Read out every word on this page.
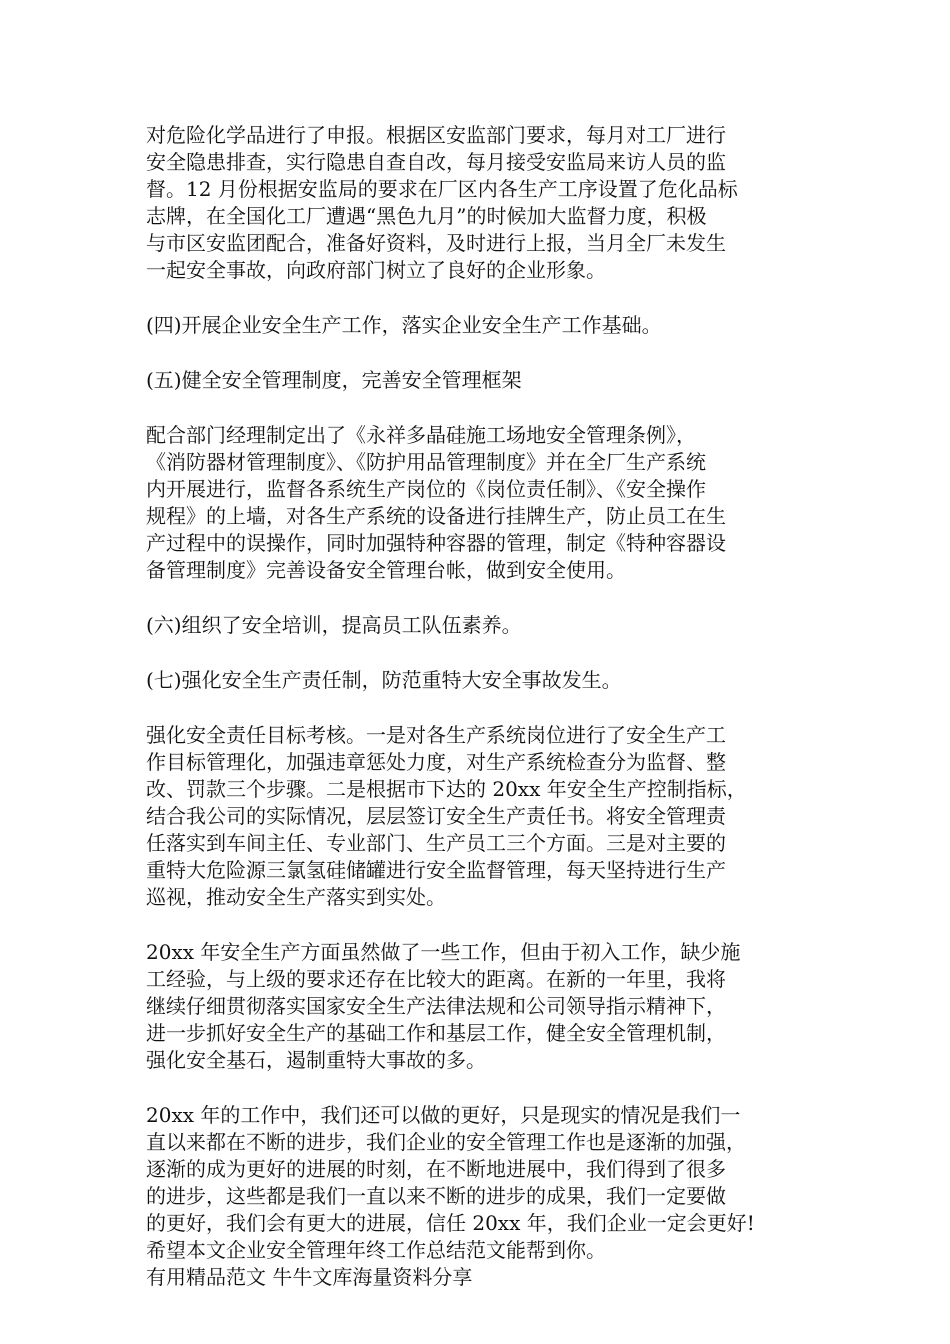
对危险化学品进行了申报。根据区安监部门要求，每月对工厂进行
安全隐患排查，实行隐患自查自改，每月接受安监局来访人员的监
督。12 月份根据安监局的要求在厂区内各生产工序设置了危化品标
志牌，在全国化工厂遭遇“黑色九月”的时候加大监督力度，积极
与市区安监团配合，准备好资料，及时进行上报，当月全厂未发生
一起安全事故，向政府部门树立了良好的企业形象。

(四)开展企业安全生产工作，落实企业安全生产工作基础。

(五)健全安全管理制度，完善安全管理框架

配合部门经理制定出了《永祥多晶硅施工场地安全管理条例》，
《消防器材管理制度》、《防护用品管理制度》并在全厂生产系统
内开展进行，监督各系统生产岗位的《岗位责任制》、《安全操作
规程》的上墙，对各生产系统的设备进行挂牌生产，防止员工在生
产过程中的误操作，同时加强特种容器的管理，制定《特种容器设
备管理制度》完善设备安全管理台帐，做到安全使用。

(六)组织了安全培训，提高员工队伍素养。

(七)强化安全生产责任制，防范重特大安全事故发生。

强化安全责任目标考核。一是对各生产系统岗位进行了安全生产工
作目标管理化，加强违章惩处力度，对生产系统检查分为监督、整
改、罚款三个步骤。二是根据市下达的 20xx 年安全生产控制指标，
结合我公司的实际情况，层层签订安全生产责任书。将安全管理责
任落实到车间主任、专业部门、生产员工三个方面。三是对主要的
重特大危险源三氯氢硅储罐进行安全监督管理，每天坚持进行生产
巡视，推动安全生产落实到实处。

20xx 年安全生产方面虽然做了一些工作，但由于初入工作，缺少施
工经验，与上级的要求还存在比较大的距离。在新的一年里，我将
继续仔细贯彻落实国家安全生产法律法规和公司领导指示精神下，
进一步抓好安全生产的基础工作和基层工作，健全安全管理机制，
强化安全基石，遏制重特大事故的多。

20xx 年的工作中，我们还可以做的更好，只是现实的情况是我们一
直以来都在不断的进步，我们企业的安全管理工作也是逐渐的加强，
逐渐的成为更好的进展的时刻，在不断地进展中，我们得到了很多
的进步，这些都是我们一直以来不断的进步的成果，我们一定要做
的更好，我们会有更大的进展，信任 20xx 年，我们企业一定会更好!
希望本文企业安全管理年终工作总结范文能帮到你。
有用精品范文 牛牛文库海量资料分享
